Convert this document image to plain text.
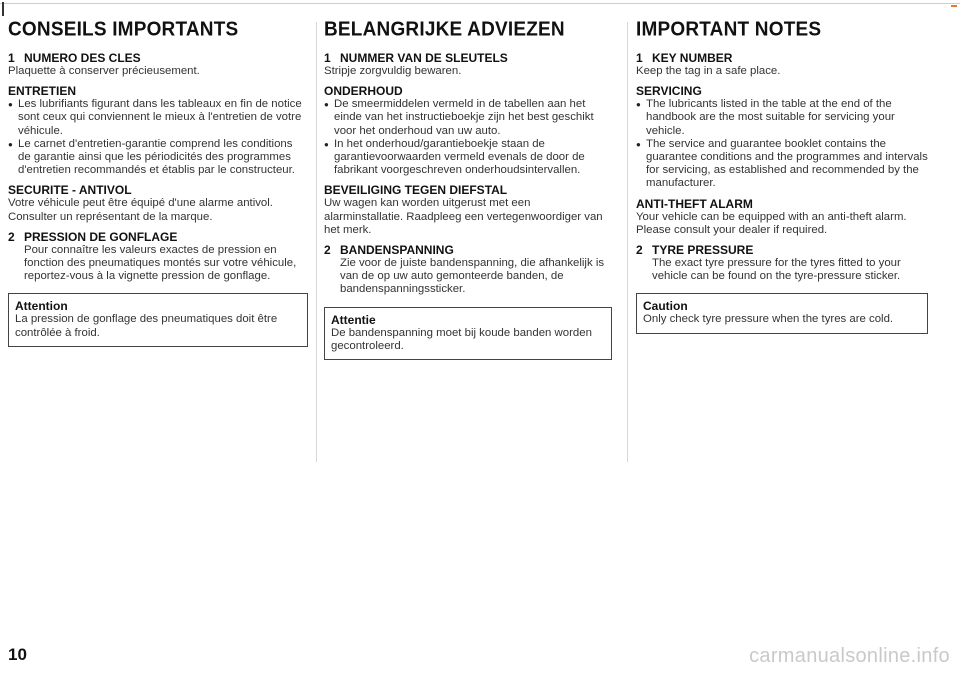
CONSEILS IMPORTANTS
1 NUMERO DES CLES

Plaquette à conserver précieusement.

ENTRETIEN
● Les lubrifiants figurant dans les tableaux en fin de notice sont ceux qui conviennent le mieux à l'entretien de votre véhicule.
● Le carnet d'entretien-garantie comprend les conditions de garantie ainsi que les périodicités des programmes d'entretien recommandés et établis par le constructeur.
SECURITE - ANTIVOL

Votre véhicule peut être équipé d'une alarme antivol. Consulter un représentant de la marque.

2 PRESSION DE GONFLAGE

Pour connaître les valeurs exactes de pression en fonction des pneumatiques montés sur votre véhicule, reportez-vous à la vignette pression de gonflage.

Attention

La pression de gonflage des pneumatiques doit être contrôlée à froid.

BELANGRIJKE ADVIEZEN
1 NUMMER VAN DE SLEUTELS

Stripje zorgvuldig bewaren.

ONDERHOUD
● De smeermiddelen vermeld in de tabellen aan het einde van het instructieboekje zijn het best geschikt voor het onderhoud van uw auto.
● In het onderhoud/garantieboekje staan de garantievoorwaarden vermeld evenals de door de fabrikant voorgeschreven onderhoudsintervallen.
BEVEILIGING TEGEN DIEFSTAL

Uw wagen kan worden uitgerust met een alarminstallatie. Raadpleeg een vertegenwoordiger van het merk.

2 BANDENSPANNING

Zie voor de juiste bandenspanning, die afhankelijk is van de op uw auto gemonteerde banden, de bandenspanningssticker.

Attentie

De bandenspanning moet bij koude banden worden gecontroleerd.

IMPORTANT NOTES
1 KEY NUMBER

Keep the tag in a safe place.

SERVICING
● The lubricants listed in the table at the end of the handbook are the most suitable for servicing your vehicle.
● The service and guarantee booklet contains the guarantee conditions and the programmes and intervals for servicing, as established and recommended by the manufacturer.
ANTI-THEFT ALARM

Your vehicle can be equipped with an anti-theft alarm. Please consult your dealer if required.

2 TYRE PRESSURE

The exact tyre pressure for the tyres fitted to your vehicle can be found on the tyre-pressure sticker.

Caution

Only check tyre pressure when the tyres are cold.

10	carmanualsonline.info
